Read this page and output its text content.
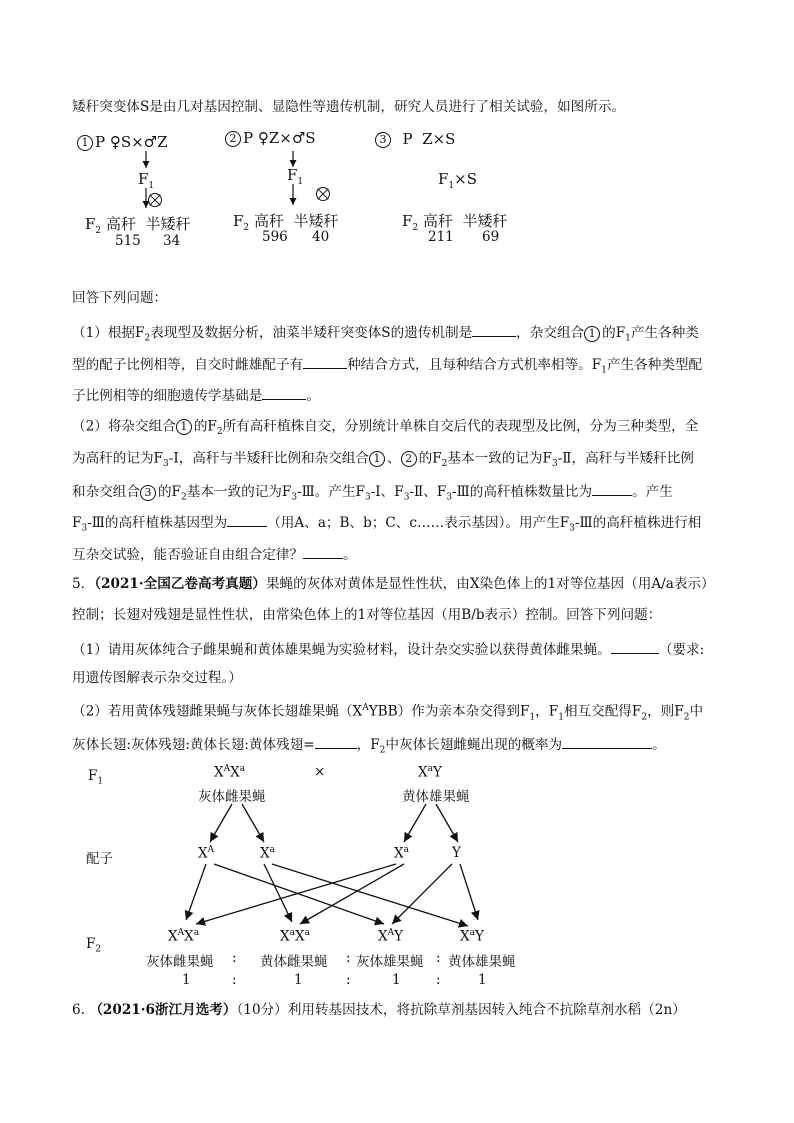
矮秆突变体S是由几对基因控制、显隐性等遗传机制，研究人员进行了相关试验，如图所示。
1 P ♀S×♂Z
$F_1$

$F_2$ 高秆 半矮秆
515 34
2 P ♀Z×♂S
$F_1$
$F_2$ 高秆 半矮秆
596 40
3 P Z×S
$F_1\times S$
$F_2$ 高秆 半矮秆
211 69
回答下列问题：
（1）根据$F_2$表现型及数据分析，油菜半矮秆突变体S的遗传机制是	，杂交组合 1 的$F_1$产生各种类
型的配子比例相等，自交时雌雄配子有	种结合方式，且每种结合方式机率相等。$F_1$产生各种类型配
子比例相等的细胞遗传学基础是	。
（2）将杂交组合 1 的$F_2$所有高秆植株自交，分别统计单株自交后代的表现型及比例，分为三种类型，全
为高秆的记为$F_3-Ⅰ$，高秆与半矮秆比例和杂交组合 1 、 2 的$F_2$基本一致的记为$F_3-Ⅱ$，高秆与半矮秆比例
和杂交组合 3 的$F_2$基本一致的记为$F_3-Ⅲ$。产生$F_3-Ⅰ$、$F_3-Ⅱ$、$F_3-Ⅲ$的高秆植株数量比为	。产生
$F_3-Ⅲ$的高秆植株基因型为	（用A、a；B、b；C、c……表示基因）。用产生$F_3-Ⅲ$的高秆植株进行相
互杂交试验，能否验证自由组合定律？	。
5．（2021·全国乙卷高考真题）果蝇的灰体对黄体是显性性状，由X染色体上的1对等位基因（用A/a表示）
控制；长翅对残翅是显性性状，由常染色体上的1对等位基因（用B/b表示）控制。回答下列问题：
（1）请用灰体纯合子雌果蝇和黄体雄果蝇为实验材料，设计杂交实验以获得黄体雌果蝇。	（要求:
用遗传图解表示杂交过程。）
（2）若用黄体残翅雌果蝇与灰体长翅雄果蝇$(X^AYBB)$作为亲本杂交得到$F_1$，$F_1$相互交配得$F_2$，则$F_2$中
灰体长翅:灰体残翅:黄体长翅:黄体残翅=	，$F_2$中灰体长翅雌蝇出现的概率为	。
$F_1$
$X^AX^a$	×	$X^aY$
灰体雌果蝇	黄体雄果蝇
配子	$X^A$	$X^a$	$X^a$	Y
$F_2$
$X^AX^a$	$X^aX^a$	$X^AY$	$X^aY$
灰体雌果蝇 : 黄体雌果蝇 : 灰体雄果蝇 : 黄体雄果蝇
1	:	1	:	1	:	1
6. （2021·6浙江月选考）（10分）利用转基因技术，将抗除草剂基因转入纯合不抗除草剂水稻（2n）
